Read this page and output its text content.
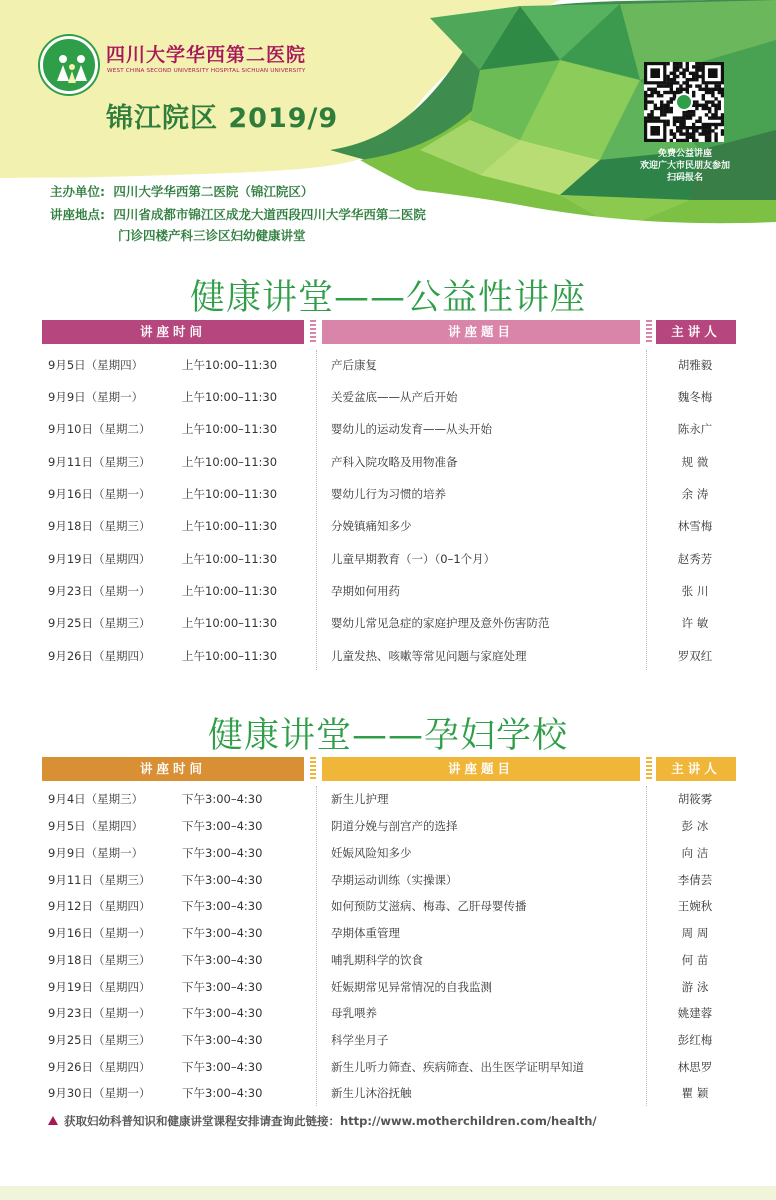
四川大学华西第二医院
WEST CHINA SECOND UNIVERSITY HOSPITAL SICHUAN UNIVERSITY
锦江院区 2019/9
免费公益讲座
欢迎广大市民朋友参加
扫码报名
主办单位: 四川大学华西第二医院（锦江院区）
讲座地点: 四川省成都市锦江区成龙大道西段四川大学华西第二医院
门诊四楼产科三诊区妇幼健康讲堂
健康讲堂——公益性讲座
讲座时间	讲座题目	主讲人
9月5日（星期四）	上午10:00–11:30	产后康复	胡雅毅
9月9日（星期一）	上午10:00–11:30	关爱盆底——从产后开始	魏冬梅
9月10日（星期二）	上午10:00–11:30	婴幼儿的运动发育——从头开始	陈永广
9月11日（星期三）	上午10:00–11:30	产科入院攻略及用物准备	规 微
9月16日（星期一）	上午10:00–11:30	婴幼儿行为习惯的培养	余 涛
9月18日（星期三）	上午10:00–11:30	分娩镇痛知多少	林雪梅
9月19日（星期四）	上午10:00–11:30	儿童早期教育（一）（0–1个月）	赵秀芳
9月23日（星期一）	上午10:00–11:30	孕期如何用药	张 川
9月25日（星期三）	上午10:00–11:30	婴幼儿常见急症的家庭护理及意外伤害防范	许 敏
9月26日（星期四）	上午10:00–11:30	儿童发热、咳嗽等常见问题与家庭处理	罗双红
健康讲堂——孕妇学校
讲座时间	讲座题目	主讲人
9月4日（星期三）	下午3:00–4:30	新生儿护理	胡筱雾
9月5日（星期四）	下午3:00–4:30	阴道分娩与剖宫产的选择	彭 冰
9月9日（星期一）	下午3:00–4:30	妊娠风险知多少	向 洁
9月11日（星期三）	下午3:00–4:30	孕期运动训练（实操课）	李倩芸
9月12日（星期四）	下午3:00–4:30	如何预防艾滋病、梅毒、乙肝母婴传播	王婉秋
9月16日（星期一）	下午3:00–4:30	孕期体重管理	周 周
9月18日（星期三）	下午3:00–4:30	哺乳期科学的饮食	何 苗
9月19日（星期四）	下午3:00–4:30	妊娠期常见异常情况的自我监测	游 泳
9月23日（星期一）	下午3:00–4:30	母乳喂养	姚建蓉
9月25日（星期三）	下午3:00–4:30	科学坐月子	彭红梅
9月26日（星期四）	下午3:00–4:30	新生儿听力筛查、疾病筛查、出生医学证明早知道	林思罗
9月30日（星期一）	下午3:00–4:30	新生儿沐浴抚触	瞿 颖
获取妇幼科普知识和健康讲堂课程安排请查询此链接：http://www.motherchildren.com/health/
